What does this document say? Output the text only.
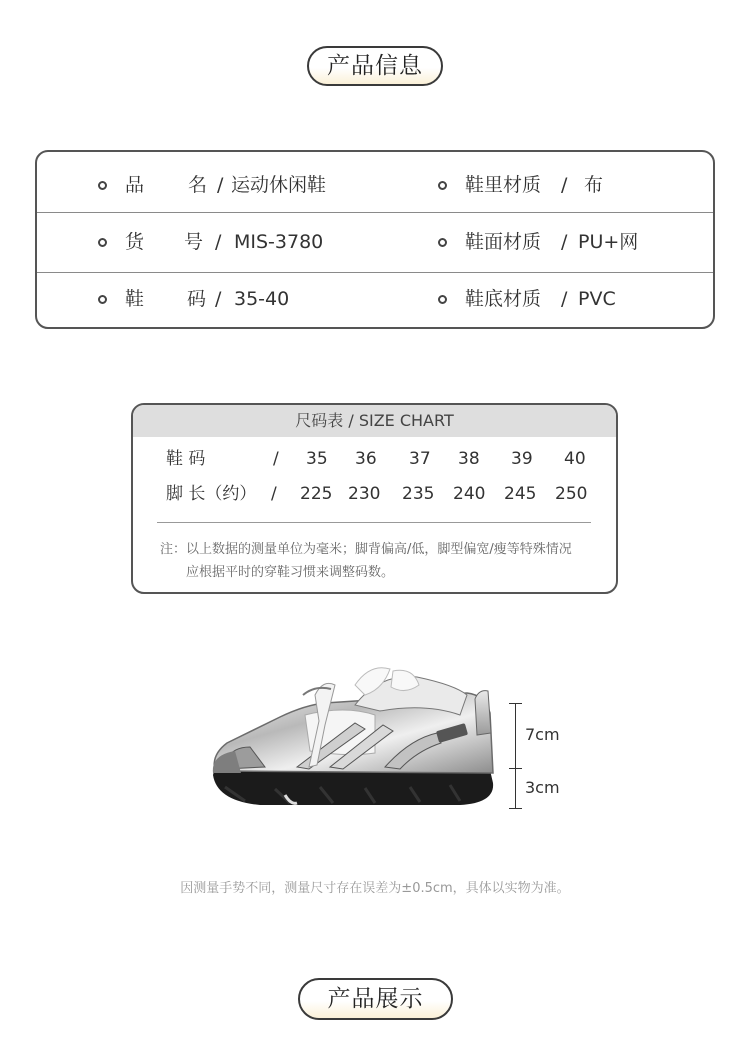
产品信息
品 名 / 运动休闲鞋	鞋里材质 / 布
货 号 / MIS-3780	鞋面材质 / PU+网
鞋 码 / 35-40	鞋底材质 / PVC
尺码表 / SIZE CHART
鞋 码	/ 35 36 37 38 39 40
脚 长（约） / 225 230 235 240 245 250
注：以上数据的测量单位为毫米；脚背偏高/低，脚型偏宽/瘦等特殊情况
应根据平时的穿鞋习惯来调整码数。
7cm
3cm
因测量手势不同，测量尺寸存在误差为±0.5cm，具体以实物为准。
产品展示
